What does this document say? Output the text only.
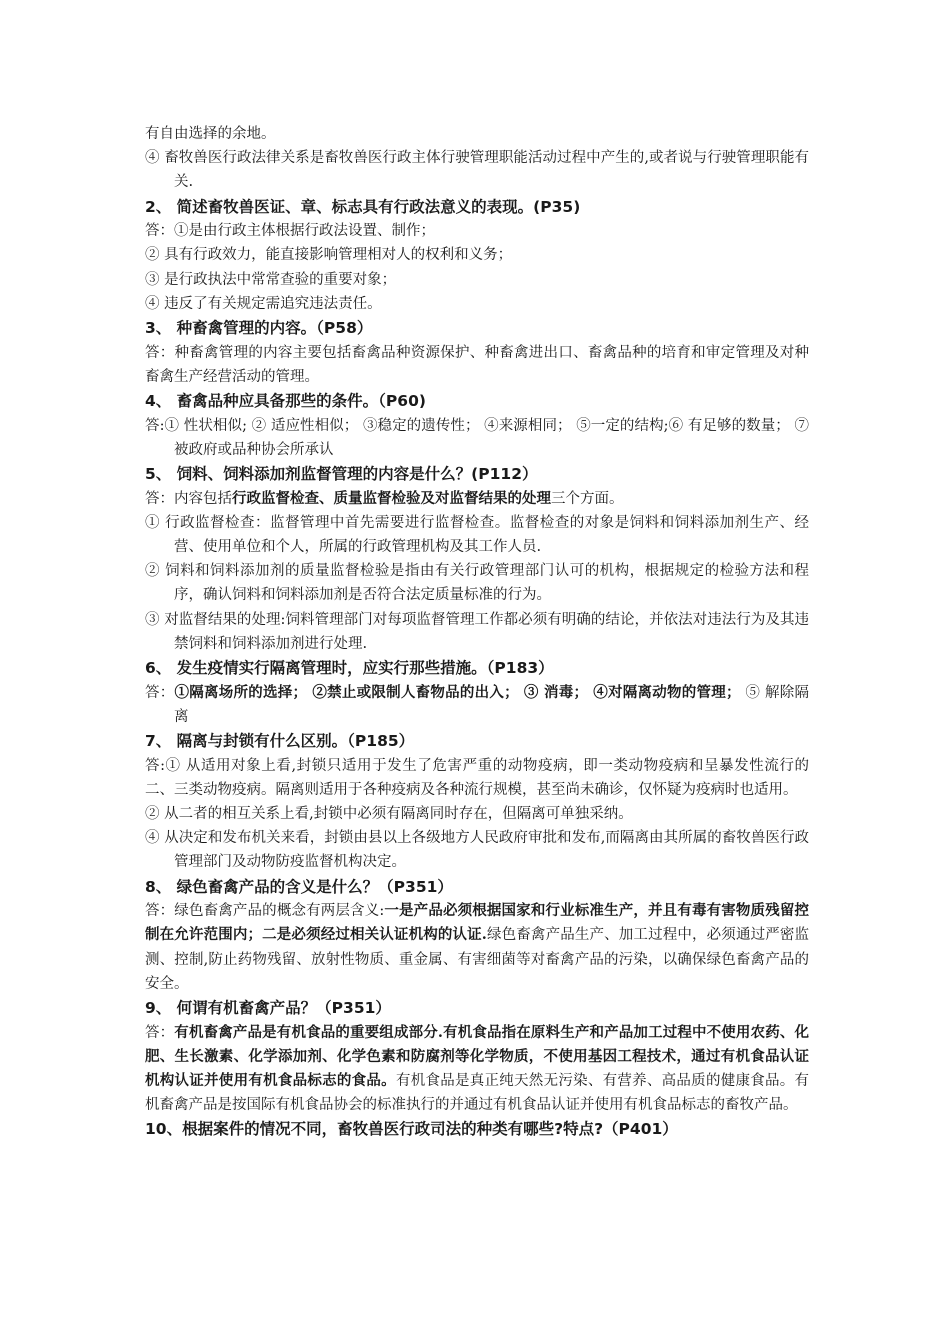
有自由选择的余地。

④ 畜牧兽医行政法律关系是畜牧兽医行政主体行驶管理职能活动过程中产生的,或者说与行驶管理职能有关.

2、 简述畜牧兽医证、章、标志具有行政法意义的表现。(P35)

答：①是由行政主体根据行政法设置、制作；

② 具有行政效力，能直接影响管理相对人的权利和义务；

③ 是行政执法中常常查验的重要对象；

④ 违反了有关规定需追究违法责任。

3、 种畜禽管理的内容。（P58）

答：种畜禽管理的内容主要包括畜禽品种资源保护、种畜禽进出口、畜禽品种的培育和审定管理及对种畜禽生产经营活动的管理。

4、 畜禽品种应具备那些的条件。（P60)

答:① 性状相似; ② 适应性相似； ③稳定的遗传性； ④来源相同； ⑤一定的结构;⑥ 有足够的数量； ⑦被政府或品种协会所承认

5、 饲料、饲料添加剂监督管理的内容是什么？(P112）

答：内容包括行政监督检查、质量监督检验及对监督结果的处理三个方面。

① 行政监督检查：监督管理中首先需要进行监督检查。监督检查的对象是饲料和饲料添加剂生产、经营、使用单位和个人，所属的行政管理机构及其工作人员.

② 饲料和饲料添加剂的质量监督检验是指由有关行政管理部门认可的机构，根据规定的检验方法和程序，确认饲料和饲料添加剂是否符合法定质量标准的行为。

③ 对监督结果的处理:饲料管理部门对每项监督管理工作都必须有明确的结论，并依法对违法行为及其违禁饲料和饲料添加剂进行处理.

6、 发生疫情实行隔离管理时，应实行那些措施。（P183）

答：①隔离场所的选择； ②禁止或限制人畜物品的出入； ③ 消毒； ④对隔离动物的管理； ⑤ 解除隔离

7、 隔离与封锁有什么区别。（P185）

答:① 从适用对象上看,封锁只适用于发生了危害严重的动物疫病，即一类动物疫病和呈暴发性流行的二、三类动物疫病。隔离则适用于各种疫病及各种流行规模，甚至尚未确诊，仅怀疑为疫病时也适用。

② 从二者的相互关系上看,封锁中必须有隔离同时存在，但隔离可单独采纳。

④ 从决定和发布机关来看，封锁由县以上各级地方人民政府审批和发布,而隔离由其所属的畜牧兽医行政管理部门及动物防疫监督机构决定。

8、 绿色畜禽产品的含义是什么？（P351）

答：绿色畜禽产品的概念有两层含义:一是产品必须根据国家和行业标准生产，并且有毒有害物质残留控制在允许范围内；二是必须经过相关认证机构的认证.绿色畜禽产品生产、加工过程中，必须通过严密监测、控制,防止药物残留、放射性物质、重金属、有害细菌等对畜禽产品的污染，以确保绿色畜禽产品的安全。

9、 何谓有机畜禽产品？（P351）

答：有机畜禽产品是有机食品的重要组成部分.有机食品指在原料生产和产品加工过程中不使用农药、化肥、生长激素、化学添加剂、化学色素和防腐剂等化学物质，不使用基因工程技术，通过有机食品认证机构认证并使用有机食品标志的食品。有机食品是真正纯天然无污染、有营养、高品质的健康食品。有机畜禽产品是按国际有机食品协会的标准执行的并通过有机食品认证并使用有机食品标志的畜牧产品。

10、根据案件的情况不同，畜牧兽医行政司法的种类有哪些?特点?（P401）
